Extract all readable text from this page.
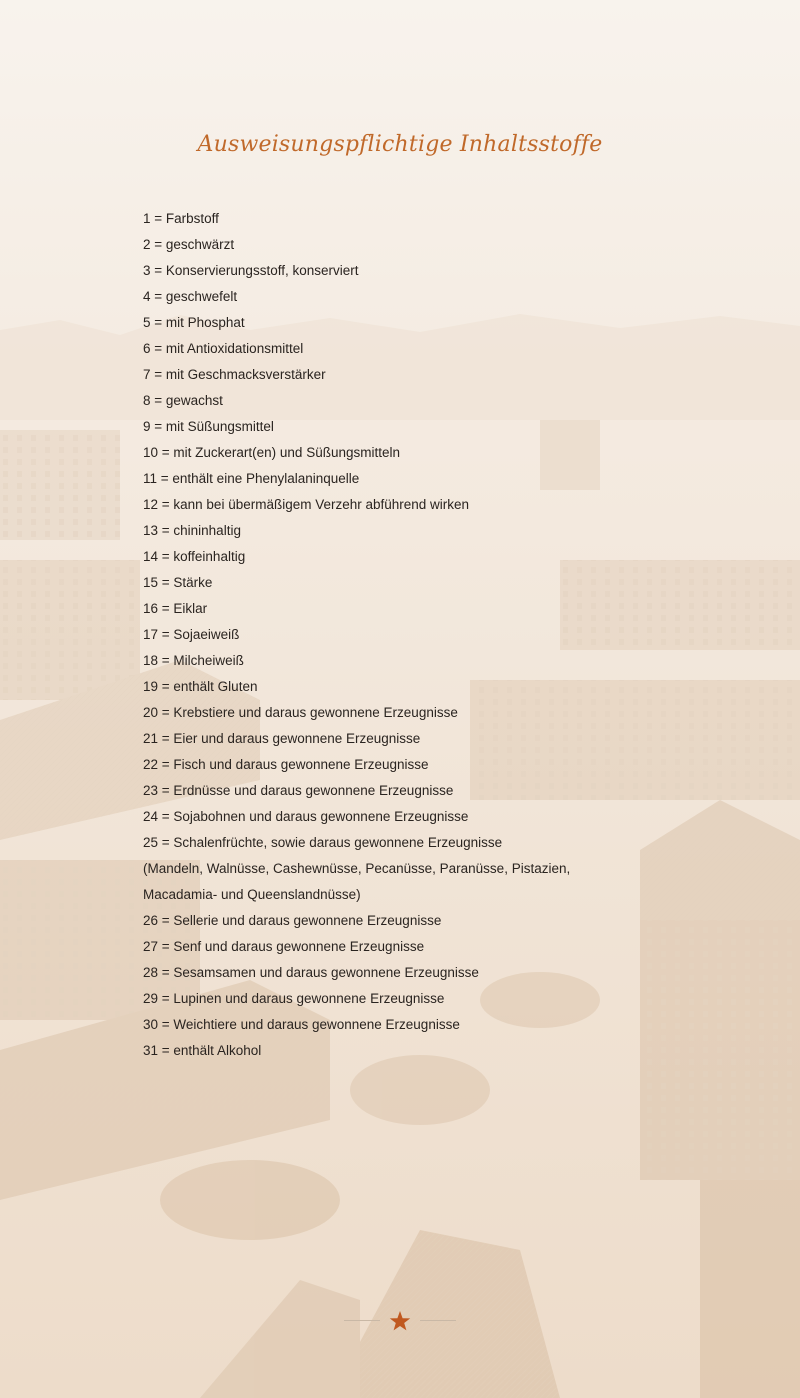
Ausweisungspflichtige Inhaltsstoffe
1 = Farbstoff
2 = geschwärzt
3 = Konservierungsstoff, konserviert
4 = geschwefelt
5 = mit Phosphat
6 = mit Antioxidationsmittel
7 = mit Geschmacksverstärker
8 = gewachst
9 = mit Süßungsmittel
10 = mit Zuckerart(en) und Süßungsmitteln
11 = enthält eine Phenylalaninquelle
12 = kann bei übermäßigem Verzehr abführend wirken
13 = chininhaltig
14 = koffeinhaltig
15 = Stärke
16 = Eiklar
17 = Sojaeiweiß
18 = Milcheiweiß
19 = enthält Gluten
20 = Krebstiere und daraus gewonnene Erzeugnisse
21 = Eier und daraus gewonnene Erzeugnisse
22 = Fisch und daraus gewonnene Erzeugnisse
23 = Erdnüsse und daraus gewonnene Erzeugnisse
24 = Sojabohnen und daraus gewonnene Erzeugnisse
25 = Schalenfrüchte, sowie daraus gewonnene Erzeugnisse
(Mandeln, Walnüsse, Cashewnüsse, Pecanüsse, Paranüsse, Pistazien,
Macadamia- und Queenslandnüsse)
26 = Sellerie und daraus gewonnene Erzeugnisse
27 = Senf und daraus gewonnene Erzeugnisse
28 = Sesamsamen und daraus gewonnene Erzeugnisse
29 = Lupinen und daraus gewonnene Erzeugnisse
30 = Weichtiere und daraus gewonnene Erzeugnisse
31 = enthält Alkohol
